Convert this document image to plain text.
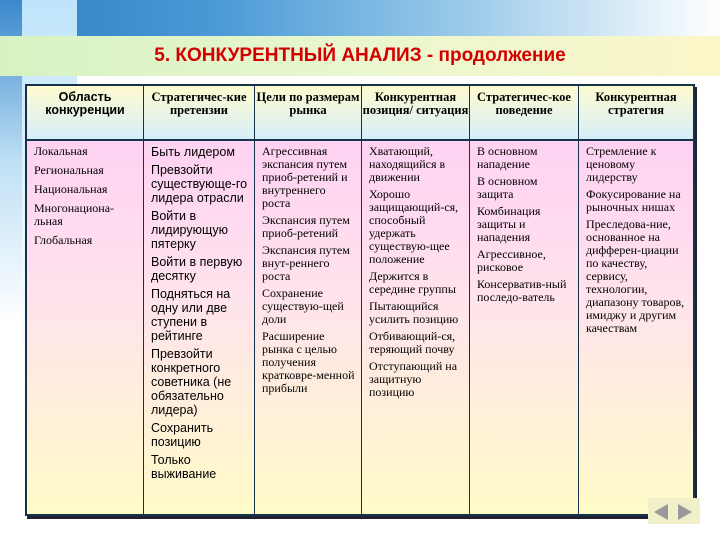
5. КОНКУРЕНТНЫЙ АНАЛИЗ - продолжение
Область конкуренции

Локальная

Региональная

Национальная

Многонациона-льная

Глобальная

Стратегичес-кие претензии

Быть лидером

Превзойти существующе-го лидера отрасли

Войти в лидирующую пятерку

Войти в первую десятку

Подняться на одну или две ступени в рейтинге

Превзойти конкретного советника (не обязательно лидера)

Сохранить позицию

Только выживание

Цели по размерам рынка

Агрессивная экспансия путем приоб-ретений и внутреннего роста

Экспансия путем приоб-ретений

Экспансия путем внут-реннего роста

Сохранение существую-щей доли

Расширение рынка с целью получения кратковре-менной прибыли

Конкурентная позиция/ ситуация

Хватающий, находящийся в движении

Хорошо защищающий-ся, способный удержать существую-щее положение

Держится в середине группы

Пытающийся усилить позицию

Отбивающий-ся, теряющий почву

Отступающий на защитную позицию

Стратегичес-кое поведение

В основном нападение

В основном защита

Комбинация защиты и нападения

Агрессивное, рисковое

Консерватив-ный последо-ватель

Конкурентная стратегия

Стремление к ценовому лидерству

Фокусирование на рыночных нишах

Преследова-ние, основанное на дифферен-циации по качеству, сервису, технологии, диапазону товаров, имиджу и другим качествам
